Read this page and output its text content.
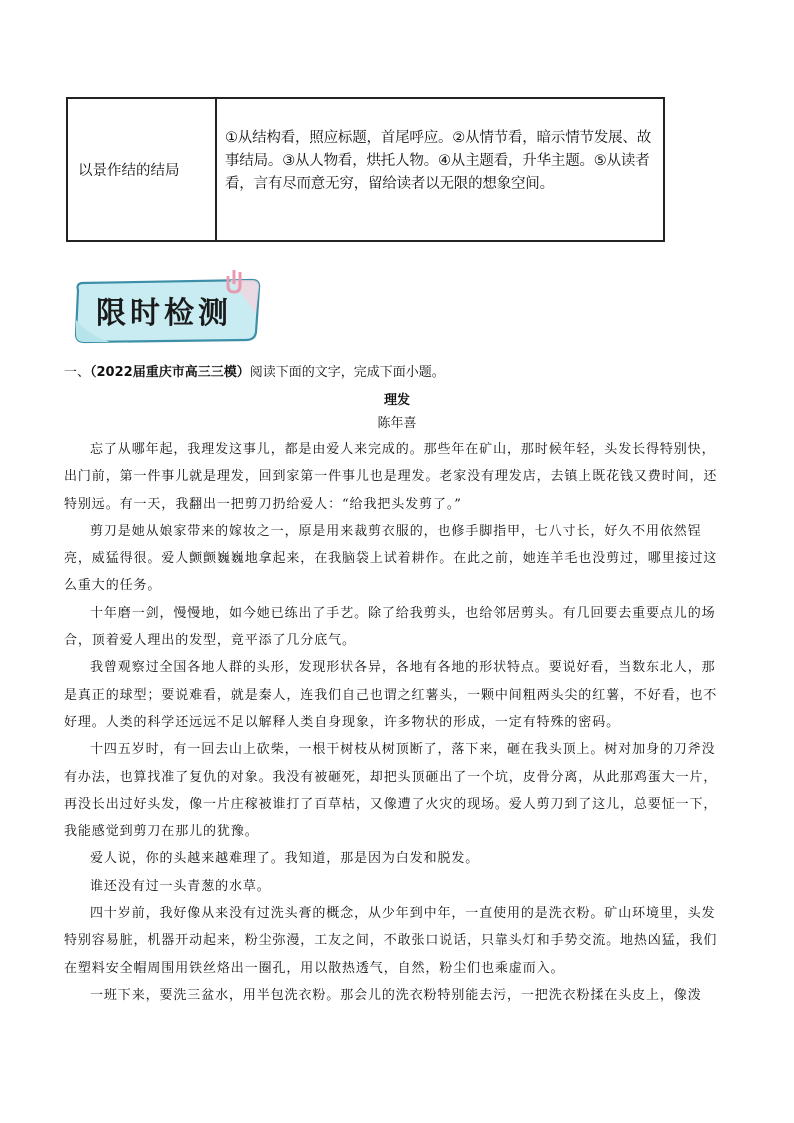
以景作结的结局
①从结构看，照应标题，首尾呼应。②从情节看，暗示情节发展、故事结局。③从人物看，烘托人物。④从主题看，升华主题。⑤从读者看，言有尽而意无穷，留给读者以无限的想象空间。
限时检测
一、（2022届重庆市高三三模）阅读下面的文字，完成下面小题。
理发
陈年喜

忘了从哪年起，我理发这事儿，都是由爱人来完成的。那些年在矿山，那时候年轻，头发长得特别快，出门前，第一件事儿就是理发，回到家第一件事儿也是理发。老家没有理发店，去镇上既花钱又费时间，还特别远。有一天，我翻出一把剪刀扔给爱人：“给我把头发剪了。”

剪刀是她从娘家带来的嫁妆之一，原是用来裁剪衣服的，也修手脚指甲，七八寸长，好久不用依然锃亮，威猛得很。爱人颤颤巍巍地拿起来，在我脑袋上试着耕作。在此之前，她连羊毛也没剪过，哪里接过这么重大的任务。

十年磨一剑，慢慢地，如今她已练出了手艺。除了给我剪头，也给邻居剪头。有几回要去重要点儿的场合，顶着爱人理出的发型，竟平添了几分底气。

我曾观察过全国各地人群的头形，发现形状各异，各地有各地的形状特点。要说好看，当数东北人，那是真正的球型；要说难看，就是秦人，连我们自己也谓之红薯头，一颗中间粗两头尖的红薯，不好看，也不好理。人类的科学还远远不足以解释人类自身现象，许多物状的形成，一定有特殊的密码。

十四五岁时，有一回去山上砍柴，一根干树枝从树顶断了，落下来，砸在我头顶上。树对加身的刀斧没有办法，也算找准了复仇的对象。我没有被砸死，却把头顶砸出了一个坑，皮骨分离，从此那鸡蛋大一片，再没长出过好头发，像一片庄稼被谁打了百草枯，又像遭了火灾的现场。爱人剪刀到了这儿，总要怔一下，我能感觉到剪刀在那儿的犹豫。

爱人说，你的头越来越难理了。我知道，那是因为白发和脱发。

谁还没有过一头青葱的水草。

四十岁前，我好像从来没有过洗头膏的概念，从少年到中年，一直使用的是洗衣粉。矿山环境里，头发特别容易脏，机器开动起来，粉尘弥漫，工友之间，不敢张口说话，只靠头灯和手势交流。地热凶猛，我们在塑料安全帽周围用铁丝烙出一圈孔，用以散热透气，自然，粉尘们也乘虚而入。

一班下来，要洗三盆水，用半包洗衣粉。那会儿的洗衣粉特别能去污，一把洗衣粉揉在头皮上，像泼
